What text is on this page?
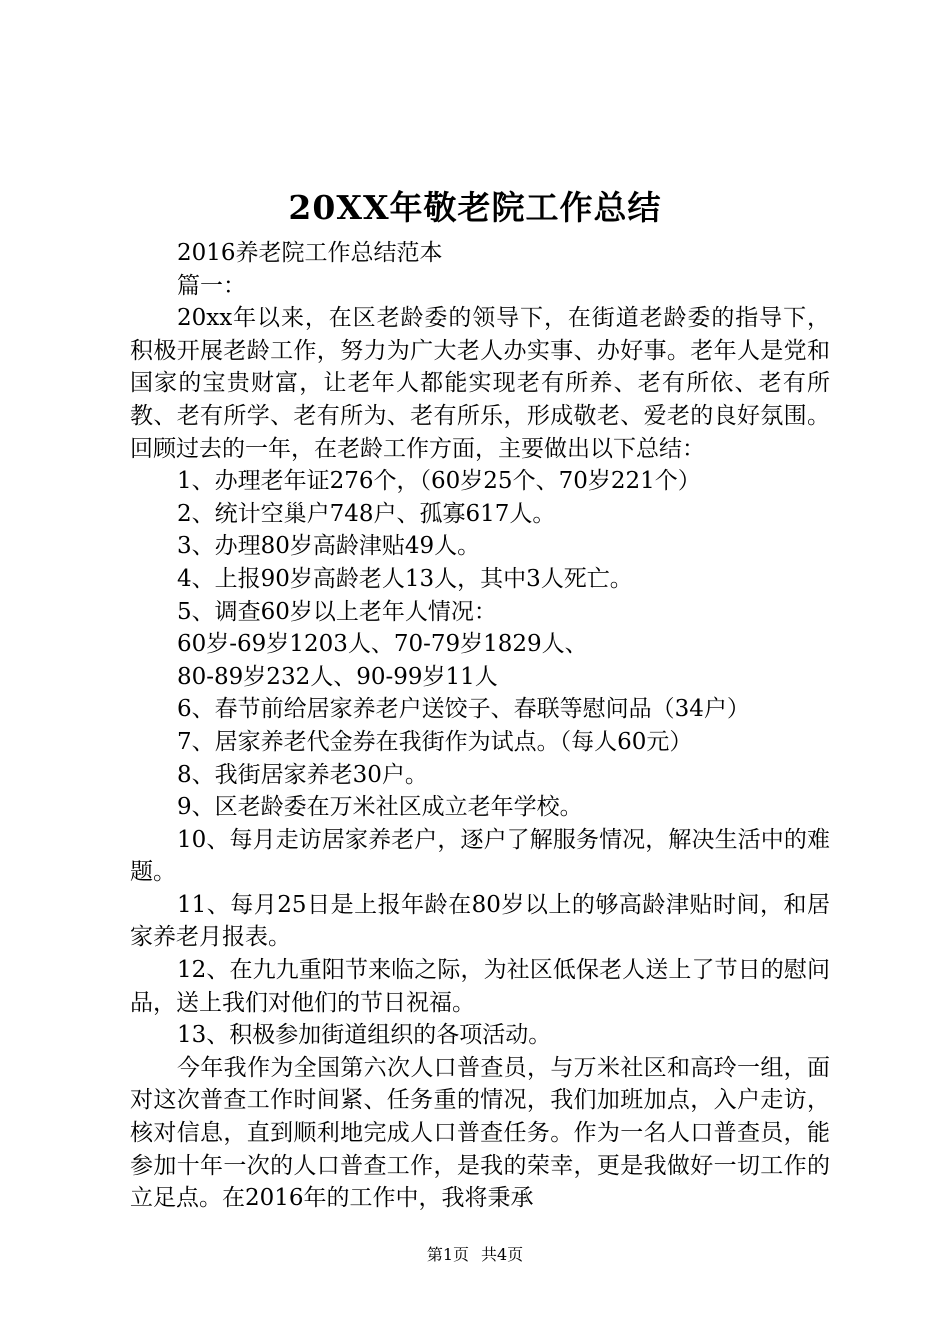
20XX年敬老院工作总结

2016养老院工作总结范本

篇一：

20xx年以来，在区老龄委的领导下，在街道老龄委的指导下，积极开展老龄工作，努力为广大老人办实事、办好事。老年人是党和国家的宝贵财富，让老年人都能实现老有所养、老有所依、老有所教、老有所学、老有所为、老有所乐，形成敬老、爱老的良好氛围。回顾过去的一年，在老龄工作方面，主要做出以下总结：

1、办理老年证276个，（60岁25个、70岁221个）

2、统计空巢户748户、孤寡617人。

3、办理80岁高龄津贴49人。

4、上报90岁高龄老人13人，其中3人死亡。

5、调查60岁以上老年人情况：

60岁-69岁1203人、70-79岁1829人、

80-89岁232人、90-99岁11人

6、春节前给居家养老户送饺子、春联等慰问品（34户）

7、居家养老代金券在我街作为试点。（每人60元）

8、我街居家养老30户。

9、区老龄委在万米社区成立老年学校。

10、每月走访居家养老户，逐户了解服务情况，解决生活中的难题。

11、每月25日是上报年龄在80岁以上的够高龄津贴时间，和居家养老月报表。

12、在九九重阳节来临之际，为社区低保老人送上了节日的慰问品，送上我们对他们的节日祝福。

13、积极参加街道组织的各项活动。

今年我作为全国第六次人口普查员，与万米社区和高玲一组，面对这次普查工作时间紧、任务重的情况，我们加班加点，入户走访，核对信息，直到顺利地完成人口普查任务。作为一名人口普查员，能参加十年一次的人口普查工作，是我的荣幸，更是我做好一切工作的立足点。在2016年的工作中，我将秉承

第1页 共4页
